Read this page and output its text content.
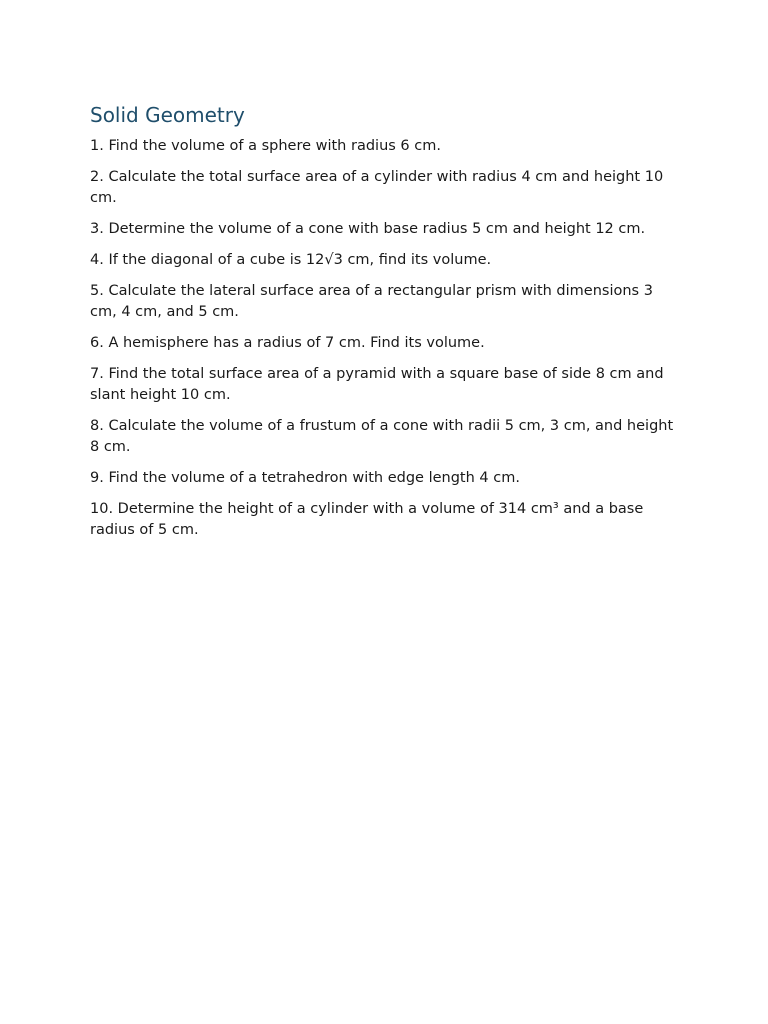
Solid Geometry
1. Find the volume of a sphere with radius 6 cm.
2. Calculate the total surface area of a cylinder with radius 4 cm and height 10 cm.
3. Determine the volume of a cone with base radius 5 cm and height 12 cm.
4. If the diagonal of a cube is 12√3 cm, find its volume.
5. Calculate the lateral surface area of a rectangular prism with dimensions 3 cm, 4 cm, and 5 cm.
6. A hemisphere has a radius of 7 cm. Find its volume.
7. Find the total surface area of a pyramid with a square base of side 8 cm and slant height 10 cm.
8. Calculate the volume of a frustum of a cone with radii 5 cm, 3 cm, and height 8 cm.
9. Find the volume of a tetrahedron with edge length 4 cm.
10. Determine the height of a cylinder with a volume of 314 cm³ and a base radius of 5 cm.
